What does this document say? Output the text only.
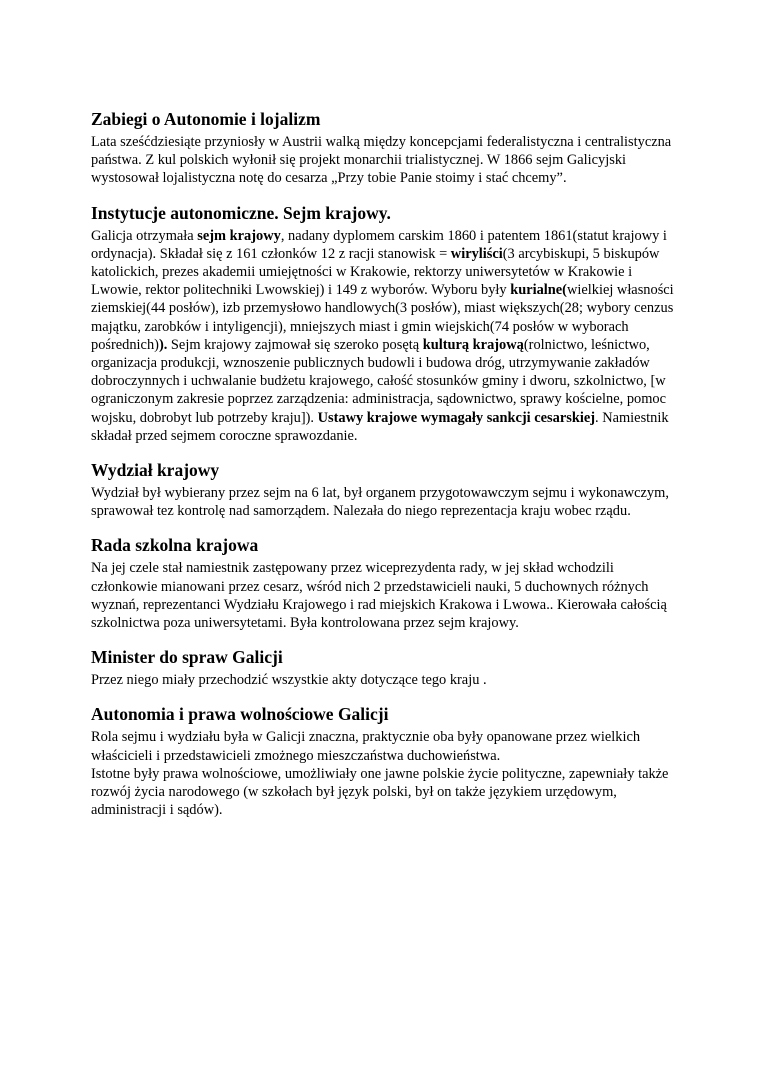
Zabiegi o Autonomie i lojalizm

Lata sześćdziesiąte przyniosły w Austrii walką między koncepcjami federalistyczna i centralistyczna państwa. Z kul polskich wyłonił się projekt monarchii trialistycznej. W 1866 sejm Galicyjski wystosował lojalistyczna notę do cesarza „Przy tobie Panie stoimy i stać chcemy”.

Instytucje autonomiczne. Sejm krajowy.

Galicja otrzymała sejm krajowy, nadany dyplomem carskim 1860 i patentem 1861(statut krajowy i ordynacja). Składał się z 161 członków 12 z racji stanowisk = wiryliści(3 arcybiskupi, 5 biskupów katolickich, prezes akademii umiejętności w Krakowie, rektorzy uniwersytetów w Krakowie i Lwowie, rektor politechniki Lwowskiej) i 149 z wyborów. Wyboru były kurialne(wielkiej własności ziemskiej(44 posłów), izb przemysłowo handlowych(3 posłów), miast większych(28; wybory cenzus majątku, zarobków i intyligencji), mniejszych miast i gmin wiejskich(74 posłów w wyborach pośrednich)). Sejm krajowy zajmował się szeroko posętą kulturą krajową(rolnictwo, leśnictwo, organizacja produkcji, wznoszenie publicznych budowli i budowa dróg, utrzymywanie zakładów dobroczynnych i uchwalanie budżetu krajowego, całość stosunków gminy i dworu, szkolnictwo, [w ograniczonym zakresie poprzez zarządzenia: administracja, sądownictwo, sprawy kościelne, pomoc wojsku, dobrobyt lub potrzeby kraju]). Ustawy krajowe wymagały sankcji cesarskiej. Namiestnik składał przed sejmem coroczne sprawozdanie.

Wydział krajowy

Wydział był wybierany przez sejm na 6 lat, był organem przygotowawczym sejmu i wykonawczym, sprawował tez kontrolę nad samorządem. Nalezała do niego reprezentacja kraju wobec rządu.

Rada szkolna krajowa

Na jej czele stał namiestnik zastępowany przez wiceprezydenta rady, w jej skład wchodzili członkowie mianowani przez cesarz, wśród nich 2 przedstawicieli nauki, 5 duchownych różnych wyznań, reprezentanci Wydziału Krajowego i rad miejskich Krakowa i Lwowa.. Kierowała całością szkolnictwa poza uniwersytetami. Była kontrolowana przez sejm krajowy.

Minister do spraw Galicji

Przez niego miały przechodzić wszystkie akty dotyczące tego kraju .

Autonomia i prawa wolnościowe Galicji

Rola sejmu i wydziału była w Galicji znaczna, praktycznie oba były opanowane przez wielkich właścicieli i przedstawicieli zmożnego mieszczaństwa duchowieństwa.

Istotne były prawa wolnościowe, umożliwiały one jawne polskie życie polityczne, zapewniały także rozwój życia narodowego (w szkołach był język polski, był on także językiem urzędowym, administracji i sądów).
